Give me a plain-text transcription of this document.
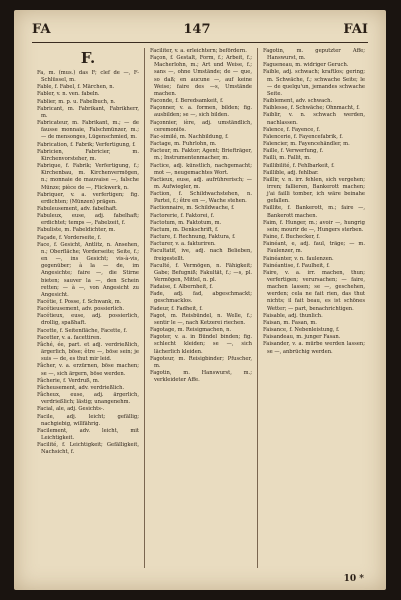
FA	147	FAI
F.

Fa, m. (mus.) das F; clef de —, F-Schlüssel, m.

Fable, f. Fabel, f. Märchen, n.

Fabler, v. n. ven. fabeln.

Fablier, m. p. u. Fabelbuch, n.

Fabricant, m. Fabrikant, Fabrikherr, m.

Fabricateur, m. Fabrikant, m.; — de fausse monnaie, Falschmünzer, m.; — de mensonges, Lügenschmied, m.

Fabrication, f. Fabrik; Verfertigung, f.

Fabricien, Fabricier, m. Kirchenvorsteher, m.

Fabrique, f. Fabrik; Verfertigung, f.; Kirchenbau, m. Kirchenvermögen, n.; monnaie de mauvaise —, falsche Münze; pièce de —, Flickwerk, n.

Fabriquer, v. a. verfertigen; fig. erdichten; (Münzen) prägen.

Fabuleusement, adv. fabelhaft.

Fabuleux, euse, adj. fabelhaft; erdichtet; temps —, Fabelzeit, f.

Fabuliste, m. Fabeldichter, m.

Façade, f. Vorderseite, f.

Face, f. Gesicht, Antlitz, n. Ansehen, n.; Oberfläche; Vorderseite; Seite, f.; en —, ins Gesicht; vis-à-vis, gegenüber; à la — de, im Angesichte; faire —, die Stirne bieten; sauver la —, den Schein retten; — à —, von Angesicht zu Angesicht.

Facétie, f. Posse, f. Schwank, m.

Facétieusement, adv. possierlich.

Facétieux, euse, adj. possierlich, drollig, spaßhaft.

Facette, f. Seitenfläche, Facette, f.

Facetter, v. a. facettiren.

Fâché, ée, part. et adj. verdrießlich, ärgerlich, böse; être —, böse sein; je suis — de, es thut mir leid.

Fâcher, v. a. erzürnen, böse machen; se —, sich ärgern, böse werden.

Fâcherie, f. Verdruß, m.

Fâcheusement, adv. verdrießlich.

Fâcheux, euse, adj. ärgerlich, verdrießlich; lästig; unangenehm.

Facial, ale, adj. Gesichts-.

Facile, adj. leicht; gefällig; nachgiebig, willfährig.

Facilement, adv. leicht, mit Leichtigkeit.

Facilité, f. Leichtigkeit; Gefälligkeit, Nachsicht, f.

Faciliter, v. a. erleichtern; befördern.

Façon, f. Gestalt, Form, f.; Arbeit, f.; Macherlohn, m.; Art und Weise, f.; sans —, ohne Umstände; de — que, so daß; en aucune —, auf keine Weise; faire des —s, Umstände machen.

Faconde, f. Beredsamkeit, f.

Façonner, v. a. formen, bilden; fig. ausbilden; se —, sich bilden.

Façonnier, ière, adj. umständlich, ceremoniös.

Fac-similé, m. Nachbildung, f.

Factage, m. Fuhrlohn, m.

Facteur, m. Faktor; Agent; Briefträger, m.; Instrumentenmacher, m.

Factice, adj. künstlich, nachgemacht; mot —, neugemachtes Wort.

Factieux, euse, adj. aufrührerisch; — m. Aufwiegler, m.

Faction, f. Schildwachstehen, n. Partei, f.; être en —, Wache stehen.

Factionnaire, m. Schildwache, f.

Factorerie, f. Faktorei, f.

Factotum, m. Faktotum, m.

Factum, m. Denkschrift, f.

Facture, f. Rechnung, Faktura, f.

Facturer, v. a. fakturiren.

Facultatif, ive, adj. nach Belieben, freigestellt.

Faculté, f. Vermögen, n. Fähigkeit; Gabe; Befugniß; Fakultät, f.; —s, pl. Vermögen, Mittel, n. pl.

Fadaise, f. Albernheit, f.

Fade, adj. fad, abgeschmackt; geschmacklos.

Fadeur, f. Fadheit, f.

Fagot, m. Reisbündel, n. Welle, f.; sentir le —, nach Ketzerei riechen.

Fagotage, m. Reisigmachen, n.

Fagoter, v. a. in Bündel binden; fig. schlecht kleiden; se —, sich lächerlich kleiden.

Fagoteur, m. Reisigbinder; Pfuscher, m.

Fagotin, m. Hanswurst, m.; verkleideter Affe.

Fagotin, m. geputzter Affe; Hanswurst, m.

Fagueneau, m. widriger Geruch.

Faible, adj. schwach; kraftlos; gering; m. Schwäche, f.; schwache Seite; le — de quelqu'un, jemandes schwache Seite.

Faiblement, adv. schwach.

Faiblesse, f. Schwäche; Ohnmacht, f.

Faiblir, v. n. schwach werden, nachlassen.

Faïence, f. Fayence, f.

Faïencerie, f. Fayencefabrik, f.

Faïencier, m. Fayencehändler, m.

Faille, f. Verwerfung, f.

Failli, m. Fallit, m.

Faillibilité, f. Fehlbarkeit, f.

Faillible, adj. fehlbar.

Faillir, v. n. irr. fehlen, sich vergehen; irren; fallieren, Bankerott machen; j'ai failli tomber, ich wäre beinahe gefallen.

Faillite, f. Bankerott, m.; faire —, Bankerott machen.

Faim, f. Hunger, m.; avoir —, hungrig sein; mourir de —, Hungers sterben.

Faine, f. Buchecker, f.

Fainéant, e, adj. faul, träge; — m. Faulenzer, m.

Fainéanter, v. n. faulenzen.

Fainéantise, f. Faulheit, f.

Faire, v. a. irr. machen, thun; verfertigen; verursachen; — faire, machen lassen; se —, geschehen, werden; cela ne fait rien, das thut nichts; il fait beau, es ist schönes Wetter; — part, benachrichtigen.

Faisable, adj. thunlich.

Faisan, m. Fasan, m.

Faisance, f. Nebenleistung, f.

Faisandeau, m. junger Fasan.

Faisander, v. a. mürbe werden lassen; se —, anbrüchig werden.

10 *
